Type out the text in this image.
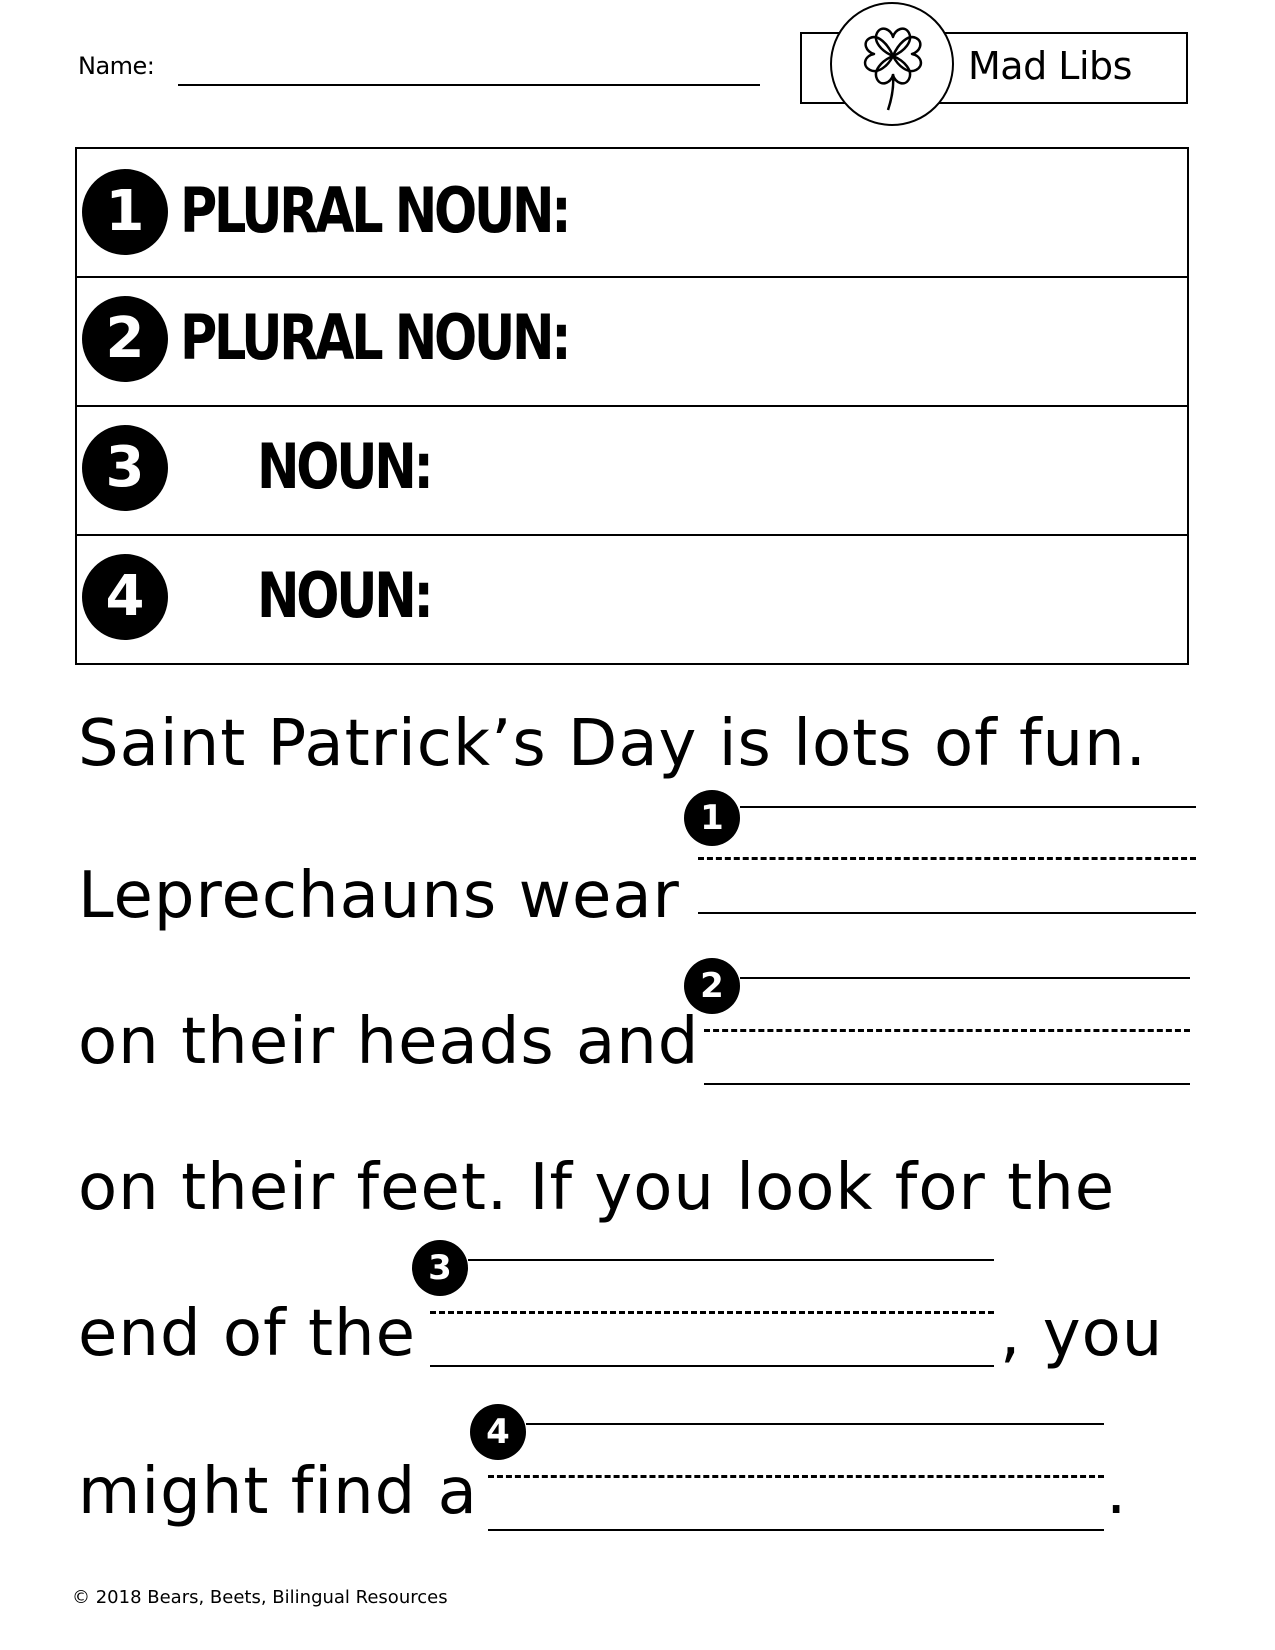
Name:	Mad Libs
1 PLURAL NOUN:
2 PLURAL NOUN:
3	NOUN:
4	NOUN:
Saint Patrick’s Day is lots of fun.
1
Leprechauns wear
2
on their heads and
on their feet. If you look for the
3
end of the	, you
4
might find a	.
© 2018 Bears, Beets, Bilingual Resources
